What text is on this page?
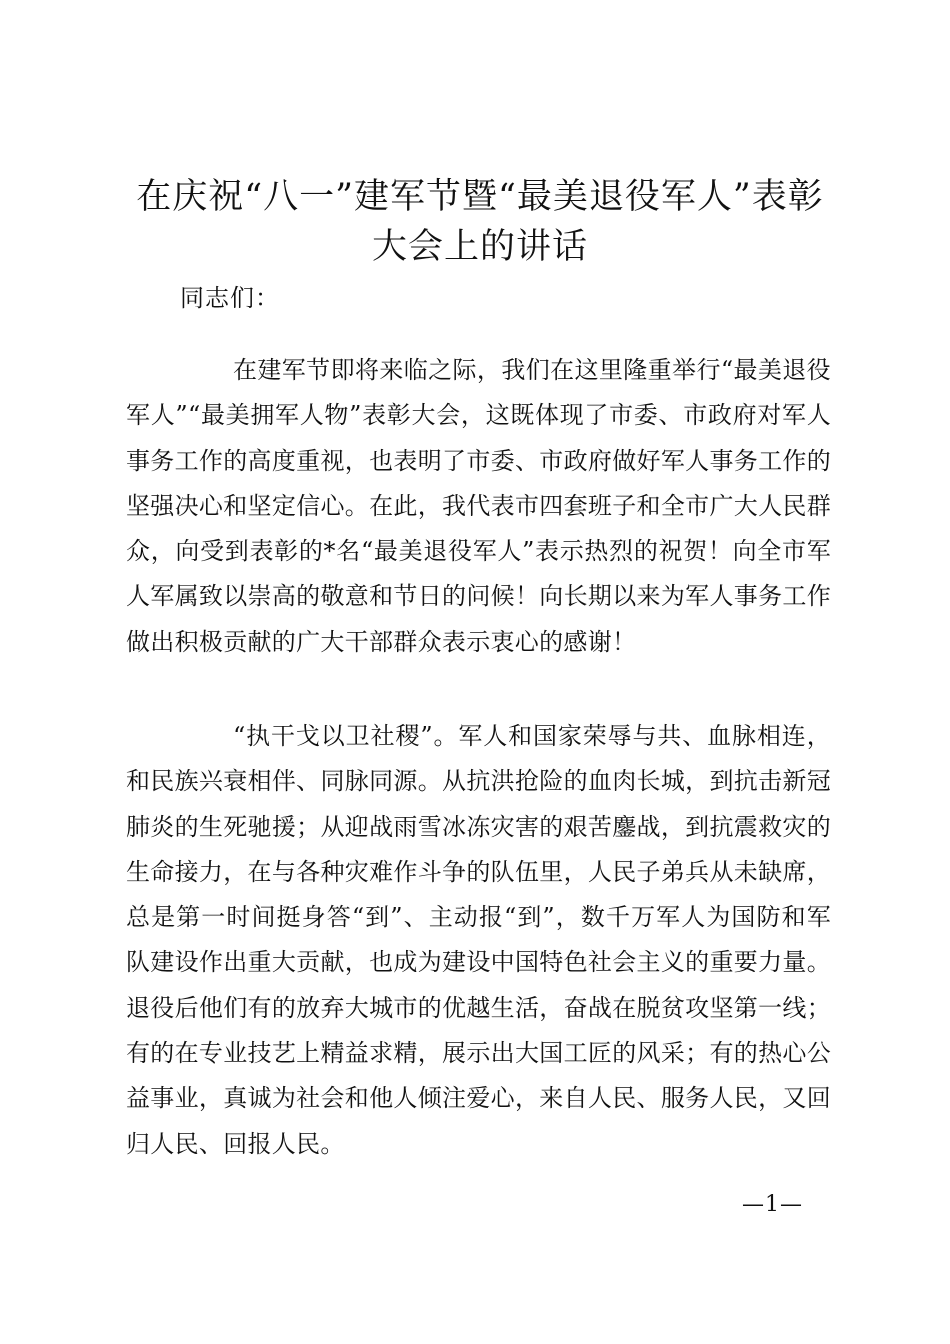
在庆祝“八一”建军节暨“最美退役军人”表彰大会上的讲话
同志们：

在建军节即将来临之际，我们在这里隆重举行“最美退役军人”“最美拥军人物”表彰大会，这既体现了市委、市政府对军人事务工作的高度重视，也表明了市委、市政府做好军人事务工作的坚强决心和坚定信心。在此，我代表市四套班子和全市广大人民群众，向受到表彰的*名“最美退役军人”表示热烈的祝贺！向全市军人军属致以崇高的敬意和节日的问候！向长期以来为军人事务工作做出积极贡献的广大干部群众表示衷心的感谢！

“执干戈以卫社稷”。军人和国家荣辱与共、血脉相连，和民族兴衰相伴、同脉同源。从抗洪抢险的血肉长城，到抗击新冠肺炎的生死驰援；从迎战雨雪冰冻灾害的艰苦鏖战，到抗震救灾的生命接力，在与各种灾难作斗争的队伍里，人民子弟兵从未缺席，总是第一时间挺身答“到”、主动报“到”，数千万军人为国防和军队建设作出重大贡献，也成为建设中国特色社会主义的重要力量。退役后他们有的放弃大城市的优越生活，奋战在脱贫攻坚第一线；有的在专业技艺上精益求精，展示出大国工匠的风采；有的热心公益事业，真诚为社会和他人倾注爱心，来自人民、服务人民，又回归人民、回报人民。

—1—
